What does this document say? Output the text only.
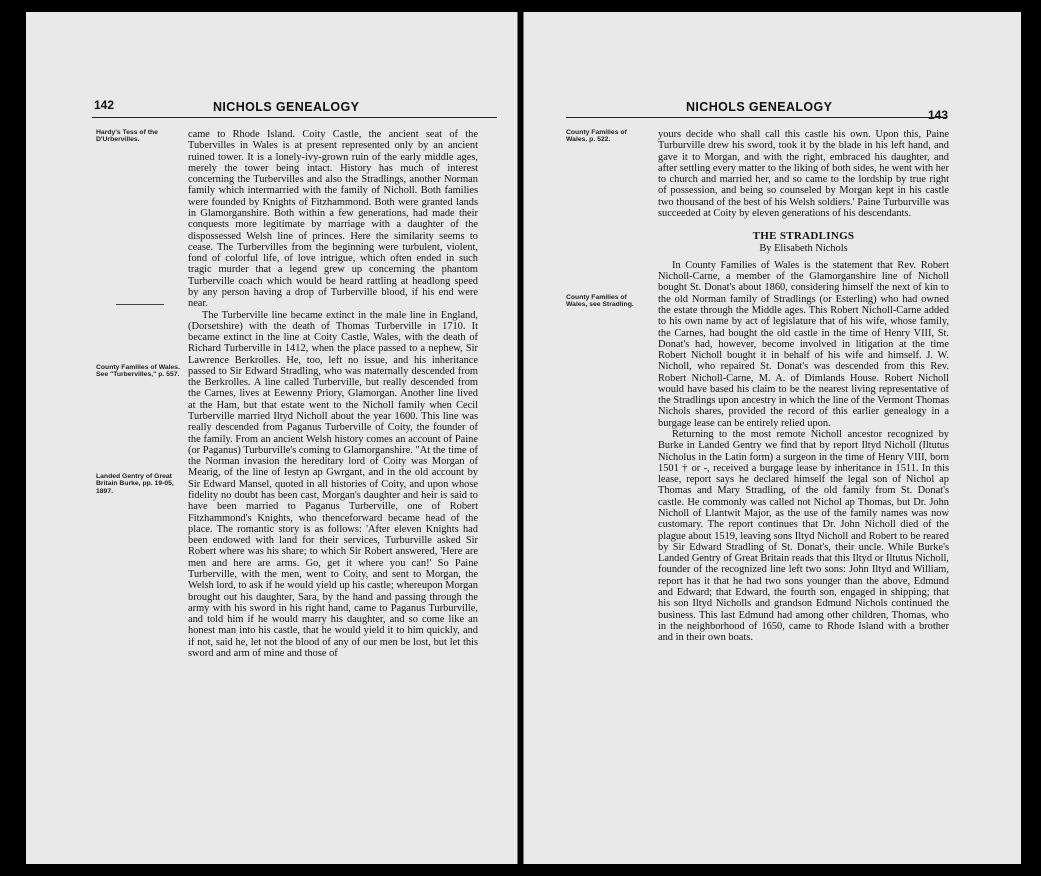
142	NICHOLS GENEALOGY
Hardy's Tess of the D'Urbervilles.
County Families of Wales. See "Turbervilles," p. 557.
Landed Gentry of Great Britain Burke, pp. 19-05, 1897.

came to Rhode Island. Coity Castle, the ancient seat of the Tubervilles in Wales is at present represented only by an ancient ruined tower. It is a lonely-ivy-grown ruin of the early middle ages, merely the tower being intact. History has much of interest concerning the Turbervilles and also the Stradlings, another Norman family which intermarried with the family of Nicholl. Both families were founded by Knights of Fitzhammond. Both were granted lands in Glamorganshire. Both within a few generations, had made their conquests more legitimate by marriage with a daughter of the dispossessed Welsh line of princes. Here the similarity seems to cease. The Turbervilles from the beginning were turbulent, violent, fond of colorful life, of love intrigue, which often ended in such tragic murder that a legend grew up concerning the phantom Turberville coach which would be heard rattling at headlong speed by any person having a drop of Turberville blood, if his end were near.

The Turberville line became extinct in the male line in England, (Dorsetshire) with the death of Thomas Turberville in 1710. It became extinct in the line at Coity Castle, Wales, with the death of Richard Turberville in 1412, when the place passed to a nephew, Sir Lawrence Berkrolles. He, too, left no issue, and his inheritance passed to Sir Edward Stradling, who was maternally descended from the Berkrolles. A line called Turberville, but really descended from the Carnes, lives at Eewenny Priory, Glamorgan. Another line lived at the Ham, but that estate went to the Nicholl family when Cecil Turberville married Iltyd Nicholl about the year 1600. This line was really descended from Paganus Turberville of Coity, the founder of the family. From an ancient Welsh history comes an account of Paine (or Paganus) Turburville's coming to Glamorganshire. "At the time of the Norman invasion the hereditary lord of Coity was Morgan of Mearig, of the line of Iestyn ap Gwrgant, and in the old account by Sir Edward Mansel, quoted in all histories of Coity, and upon whose fidelity no doubt has been cast, Morgan's daughter and heir is said to have been married to Paganus Turberville, one of Robert Fitzhammond's Knights, who thenceforward became head of the place. The romantic story is as follows: 'After eleven Knights had been endowed with land for their services, Turburville asked Sir Robert where was his share; to which Sir Robert answered, 'Here are men and here are arms. Go, get it where you can!' So Paine Turberville, with the men, went to Coity, and sent to Morgan, the Welsh lord, to ask if he would yield up his castle; whereupon Morgan brought out his daughter, Sara, by the hand and passing through the army with his sword in his right hand, came to Paganus Turburville, and told him if he would marry his daughter, and so come like an honest man into his castle, that he would yield it to him quickly, and if not, said he, let not the blood of any of our men be lost, but let this sword and arm of mine and those of

NICHOLS GENEALOGY
143
County Families of Wales. p. 522.
County Families of Wales, see Stradling.

yours decide who shall call this castle his own. Upon this, Paine Turburville drew his sword, took it by the blade in his left hand, and gave it to Morgan, and with the right, embraced his daughter, and after settling every matter to the liking of both sides, he went with her to church and married her, and so came to the lordship by true right of possession, and being so counseled by Morgan kept in his castle two thousand of the best of his Welsh soldiers.' Paine Turburville was succeeded at Coity by eleven generations of his descendants.

THE STRADLINGS
By Elisabeth Nichols

In County Families of Wales is the statement that Rev. Robert Nicholl-Carne, a member of the Glamorganshire line of Nicholl bought St. Donat's about 1860, considering himself the next of kin to the old Norman family of Stradlings (or Esterling) who had owned the estate through the Middle ages. This Robert Nicholl-Carne added to his own name by act of legislature that of his wife, whose family, the Carnes, had bought the old castle in the time of Henry VIII, St. Donat's had, however, become involved in litigation at the time Robert Nicholl bought it in behalf of his wife and himself. J. W. Nicholl, who repaired St. Donat's was descended from this Rev. Robert Nicholl-Carne, M. A. of Dimlands House. Robert Nicholl would have based his claim to be the nearest living representative of the Stradlings upon ancestry in which the line of the Vermont Thomas Nichols shares, provided the record of this earlier genealogy in a burgage lease can be entirely relied upon.

Returning to the most remote Nicholl ancestor recognized by Burke in Landed Gentry we find that by report Iltyd Nicholl (Iltutus Nicholus in the Latin form) a surgeon in the time of Henry VIII, born 1501 † or -, received a burgage lease by inheritance in 1511. In this lease, report says he declared himself the legal son of Nichol ap Thomas and Mary Stradling, of the old family from St. Donat's castle. He commonly was called not Nichol ap Thomas, but Dr. John Nicholl of Llantwit Major, as the use of the family names was now customary. The report continues that Dr. John Nicholl died of the plague about 1519, leaving sons Iltyd Nicholl and Robert to be reared by Sir Edward Stradling of St. Donat's, their uncle. While Burke's Landed Gentry of Great Britain reads that this Iltyd or Iltutus Nicholl, founder of the recognized line left two sons: John Iltyd and William, report has it that he had two sons younger than the above, Edmund and Edward; that Edward, the fourth son, engaged in shipping; that his son Iltyd Nicholls and grandson Edmund Nichols continued the business. This last Edmund had among other children, Thomas, who in the neighborhood of 1650, came to Rhode Island with a brother and in their own boats.
